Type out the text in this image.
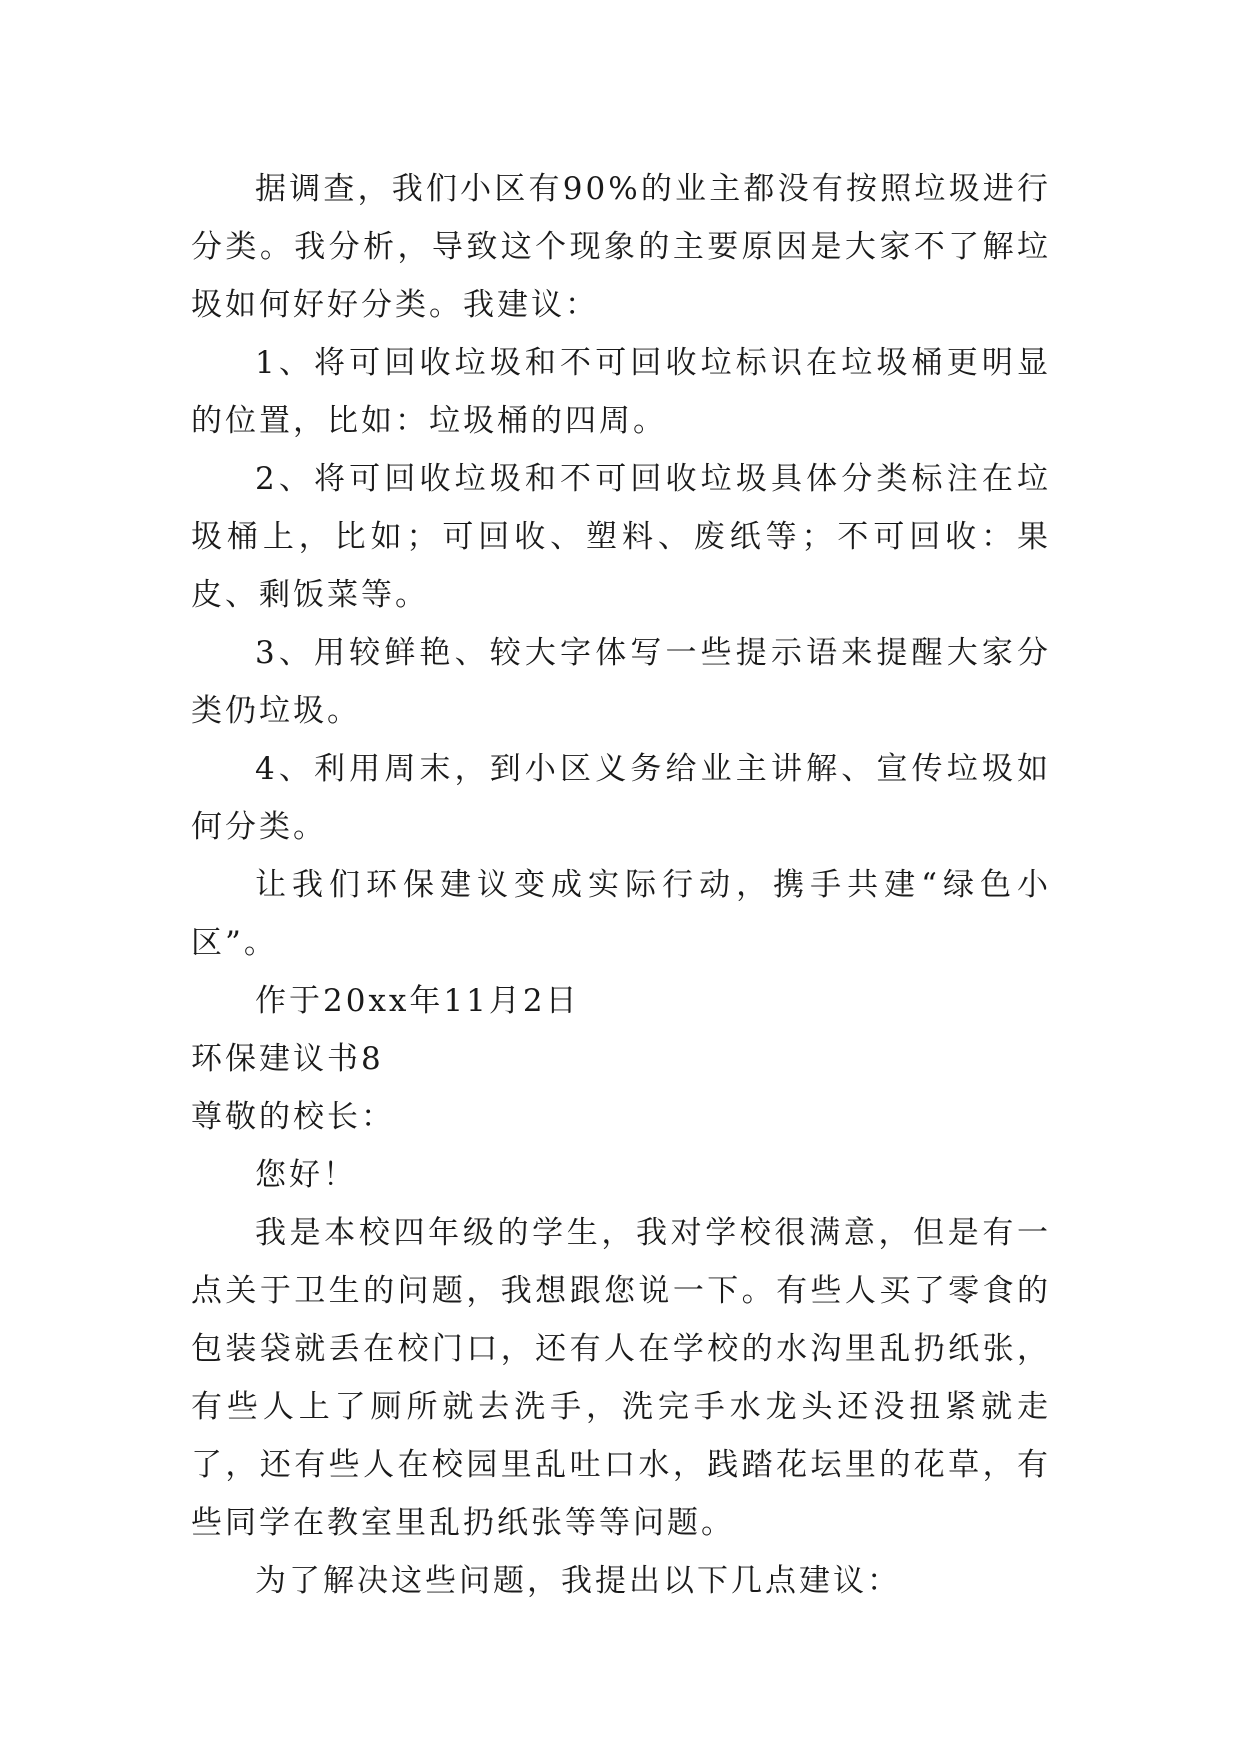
据调查，我们小区有90%的业主都没有按照垃圾进行分类。我分析，导致这个现象的主要原因是大家不了解垃圾如何好好分类。我建议：

1、将可回收垃圾和不可回收垃标识在垃圾桶更明显的位置，比如：垃圾桶的四周。

2、将可回收垃圾和不可回收垃圾具体分类标注在垃圾桶上，比如；可回收、塑料、废纸等；不可回收：果皮、剩饭菜等。

3、用较鲜艳、较大字体写一些提示语来提醒大家分类仍垃圾。

4、利用周末，到小区义务给业主讲解、宣传垃圾如何分类。

让我们环保建议变成实际行动，携手共建“绿色小区”。

作于20xx年11月2日

环保建议书8

尊敬的校长：

您好！

我是本校四年级的学生，我对学校很满意，但是有一点关于卫生的问题，我想跟您说一下。有些人买了零食的包装袋就丢在校门口，还有人在学校的水沟里乱扔纸张，有些人上了厕所就去洗手，洗完手水龙头还没扭紧就走了，还有些人在校园里乱吐口水，践踏花坛里的花草，有些同学在教室里乱扔纸张等等问题。

为了解决这些问题，我提出以下几点建议：
